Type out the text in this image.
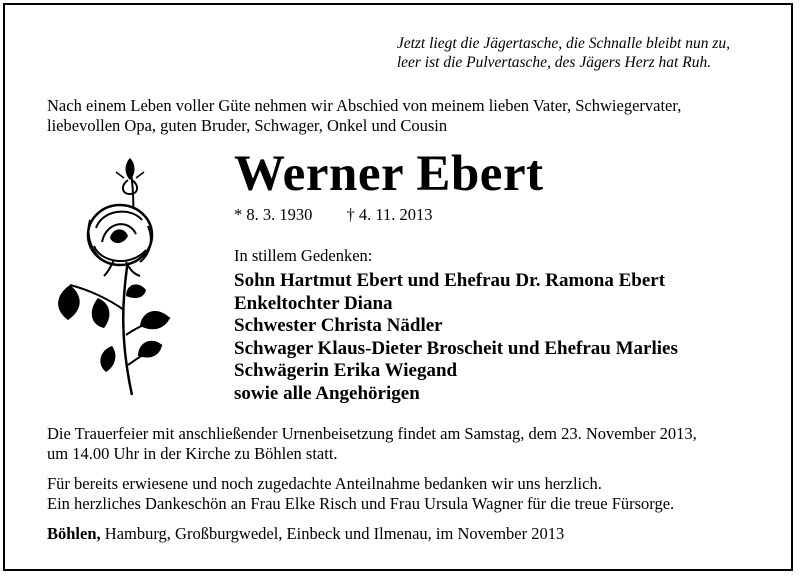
Jetzt liegt die Jägertasche, die Schnalle bleibt nun zu,
leer ist die Pulvertasche, des Jägers Herz hat Ruh.
Nach einem Leben voller Güte nehmen wir Abschied von meinem lieben Vater, Schwiegervater,
liebevollen Opa, guten Bruder, Schwager, Onkel und Cousin
Werner Ebert
* 8. 3. 1930 † 4. 11. 2013
In stillem Gedenken:
Sohn Hartmut Ebert und Ehefrau Dr. Ramona Ebert
Enkeltochter Diana
Schwester Christa Nädler
Schwager Klaus-Dieter Broscheit und Ehefrau Marlies
Schwägerin Erika Wiegand
sowie alle Angehörigen
Die Trauerfeier mit anschließender Urnenbeisetzung findet am Samstag, dem 23. November 2013,
um 14.00 Uhr in der Kirche zu Böhlen statt.
Für bereits erwiesene und noch zugedachte Anteilnahme bedanken wir uns herzlich.
Ein herzliches Dankeschön an Frau Elke Risch und Frau Ursula Wagner für die treue Fürsorge.
Böhlen, Hamburg, Großburgwedel, Einbeck und Ilmenau, im November 2013
